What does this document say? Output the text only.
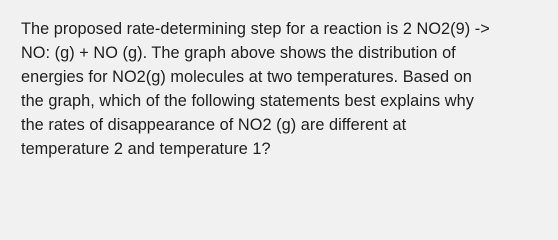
The proposed rate-determining step for a reaction is 2 NO2(9) ->
NO: (g) + NO (g). The graph above shows the distribution of
energies for NO2(g) molecules at two temperatures. Based on
the graph, which of the following statements best explains why
the rates of disappearance of NO2 (g) are different at
temperature 2 and temperature 1?
